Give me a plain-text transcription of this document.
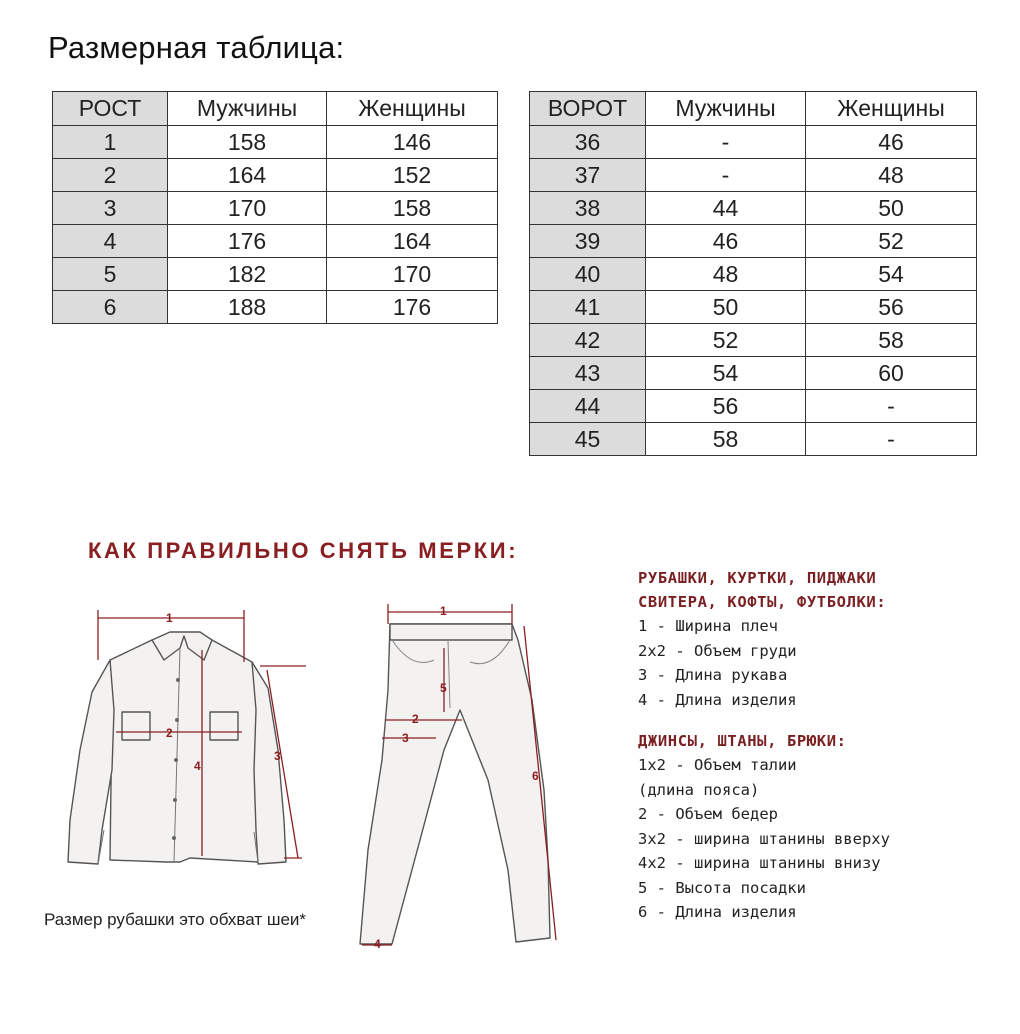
Размерная таблица:
РОСТ	Мужчины	Женщины
1	158	146
2	164	152
3	170	158
4	176	164
5	182	170
6	188	176
ВОРОТ	Мужчины	Женщины
36	-	46
37	-	48
38	44	50
39	46	52
40	48	54
41	50	56
42	52	58
43	54	60
44	56	-
45	58	-
КАК ПРАВИЛЬНО СНЯТЬ МЕРКИ:
1
2
4
3
1
5
2
3
6
4
РУБАШКИ, КУРТКИ, ПИДЖАКИ
СВИТЕРА, КОФТЫ, ФУТБОЛКИ:
1 - Ширина плеч
2x2 - Объем груди
3 - Длина рукава
4 - Длина изделия
ДЖИНСЫ, ШТАНЫ, БРЮКИ:
1x2 - Объем талии
(длина пояса)
2 - Объем бедер
3x2 - ширина штанины вверху
4x2 - ширина штанины внизу
5 - Высота посадки
6 - Длина изделия
Размер рубашки это обхват шеи*
